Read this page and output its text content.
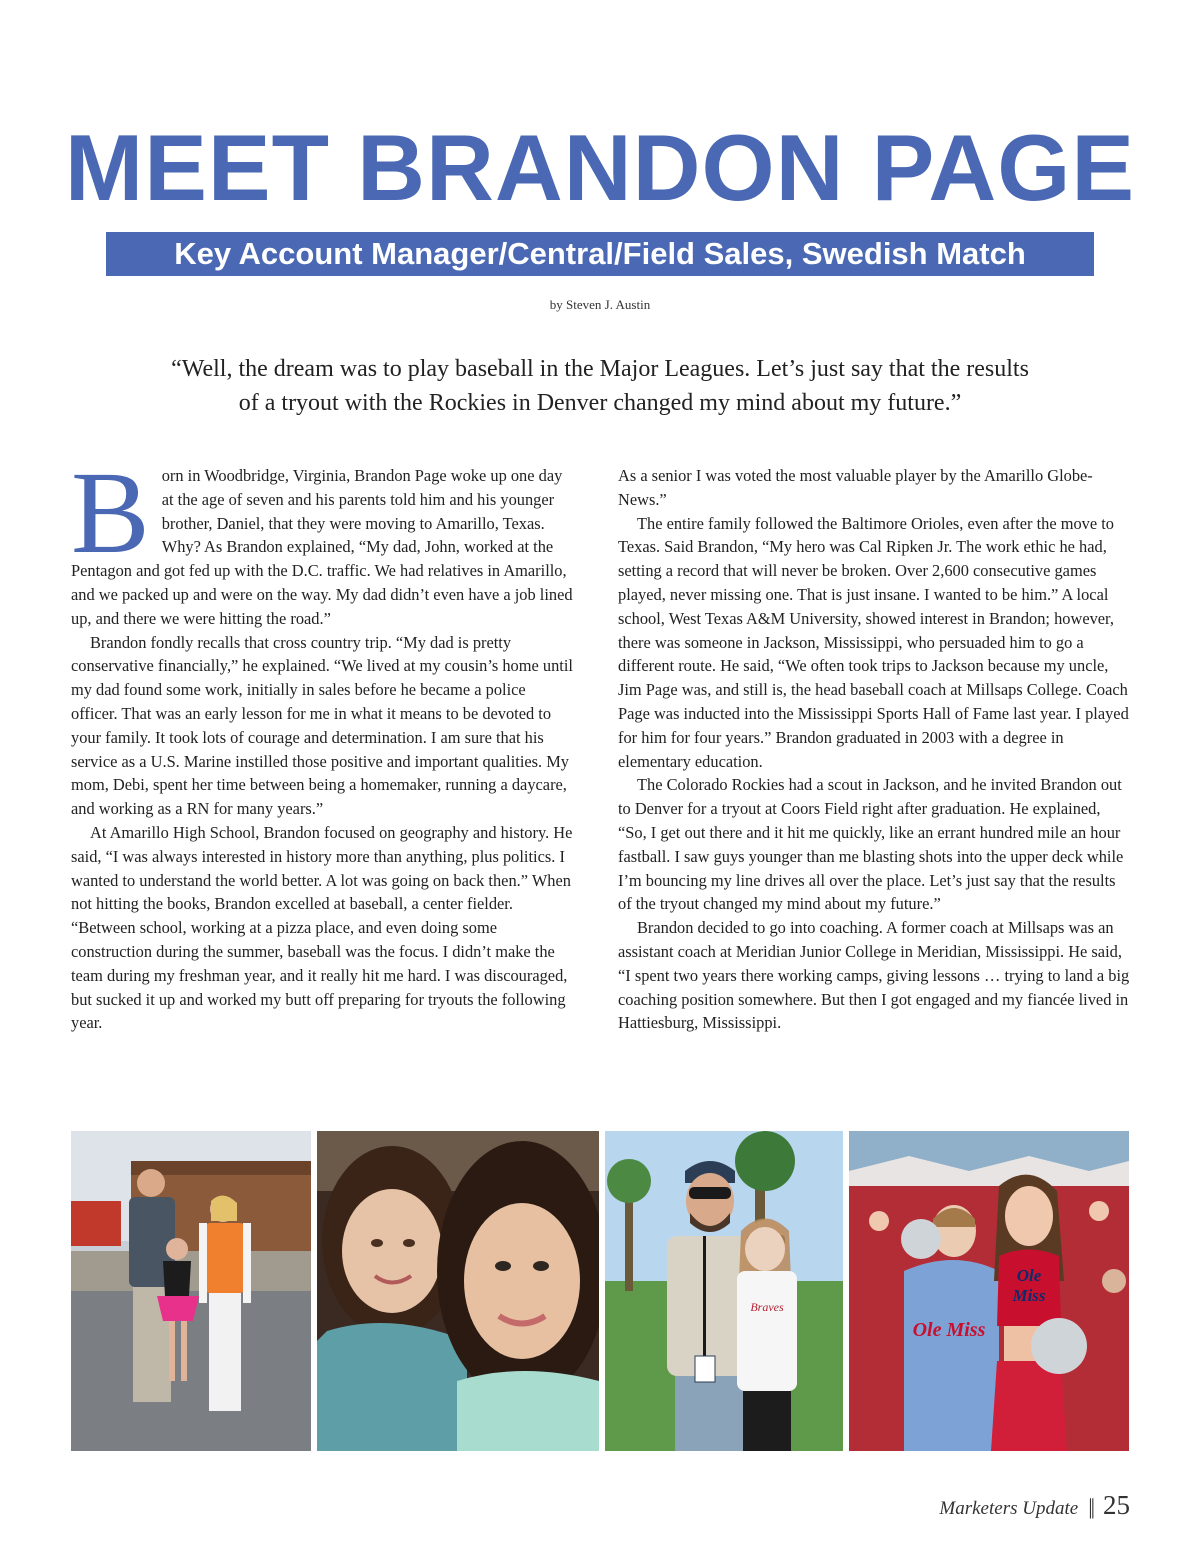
MEET BRANDON PAGE
Key Account Manager/Central/Field Sales, Swedish Match
by Steven J. Austin
“Well, the dream was to play baseball in the Major Leagues. Let’s just say that the results
of a tryout with the Rockies in Denver changed my mind about my future.”

Born in Woodbridge, Virginia, Brandon Page woke up one day at the age of seven and his parents told him and his younger brother, Daniel, that they were moving to Amarillo, Texas. Why? As Brandon explained, “My dad, John, worked at the Pentagon and got fed up with the D.C. traffic. We had relatives in Amarillo, and we packed up and were on the way. My dad didn’t even have a job lined up, and there we were hitting the road.”

Brandon fondly recalls that cross country trip. “My dad is pretty conservative financially,” he explained. “We lived at my cousin’s home until my dad found some work, initially in sales before he became a police officer. That was an early lesson for me in what it means to be devoted to your family. It took lots of courage and determination. I am sure that his service as a U.S. Marine instilled those positive and important qualities. My mom, Debi, spent her time between being a homemaker, running a daycare, and working as a RN for many years.”

At Amarillo High School, Brandon focused on geography and history. He said, “I was always interested in history more than anything, plus politics. I wanted to understand the world better. A lot was going on back then.” When not hitting the books, Brandon excelled at baseball, a center fielder. “Between school, working at a pizza place, and even doing some construction during the summer, baseball was the focus. I didn’t make the team during my freshman year, and it really hit me hard. I was discouraged, but sucked it up and worked my butt off preparing for tryouts the following year.

As a senior I was voted the most valuable player by the Amarillo Globe-News.”

The entire family followed the Baltimore Orioles, even after the move to Texas. Said Brandon, “My hero was Cal Ripken Jr. The work ethic he had, setting a record that will never be broken. Over 2,600 consecutive games played, never missing one. That is just insane. I wanted to be him.” A local school, West Texas A&M University, showed interest in Brandon; however, there was someone in Jackson, Mississippi, who persuaded him to go a different route. He said, “We often took trips to Jackson because my uncle, Jim Page was, and still is, the head baseball coach at Millsaps College. Coach Page was inducted into the Mississippi Sports Hall of Fame last year. I played for him for four years.” Brandon graduated in 2003 with a degree in elementary education.

The Colorado Rockies had a scout in Jackson, and he invited Brandon out to Denver for a tryout at Coors Field right after graduation. He explained, “So, I get out there and it hit me quickly, like an errant hundred mile an hour fastball. I saw guys younger than me blasting shots into the upper deck while I’m bouncing my line drives all over the place. Let’s just say that the results of the tryout changed my mind about my future.”

Brandon decided to go into coaching. A former coach at Millsaps was an assistant coach at Meridian Junior College in Meridian, Mississippi. He said, “I spent two years there working camps, giving lessons … trying to land a big coaching position somewhere. But then I got engaged and my fiancée lived in Hattiesburg, Mississippi.

Braves
Ole Miss
Ole
Miss
Marketers Update || 25
